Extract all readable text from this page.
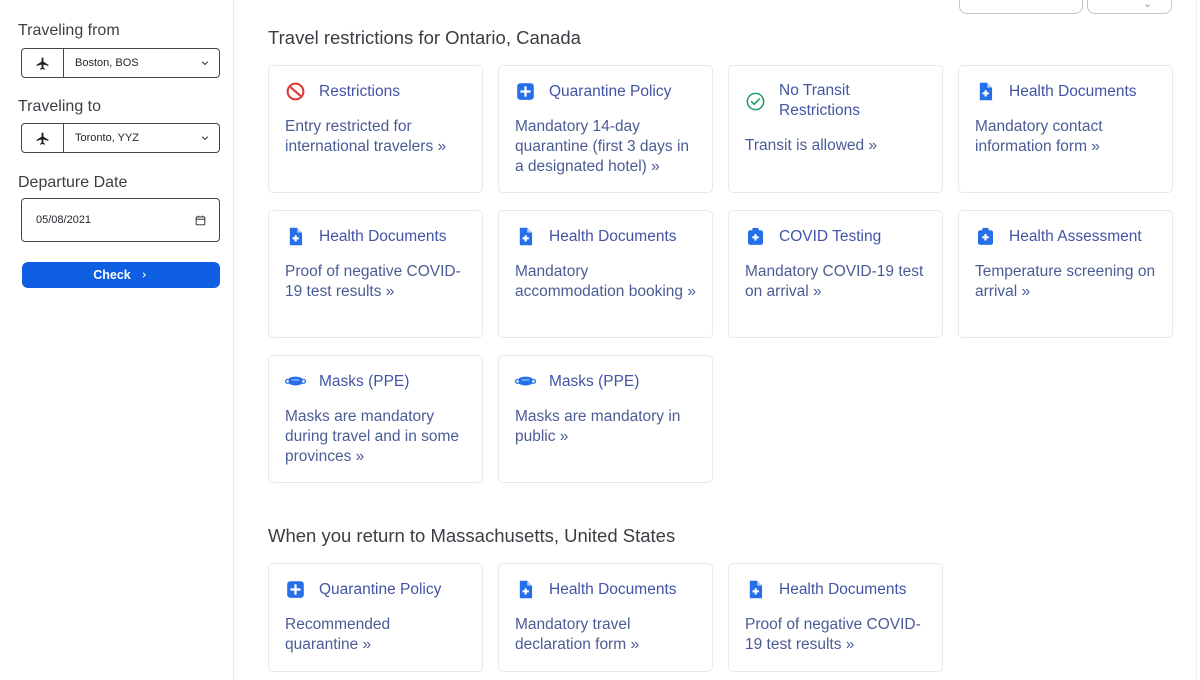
Traveling from
Boston, BOS
Traveling to
Toronto, YYZ
Departure Date
05/08/2021
Check
Travel restrictions for Ontario, Canada
When you return to Massachusetts, United States
Restrictions
Entry restricted for international travelers »
Quarantine Policy
Mandatory 14-day quarantine (first 3 days in a designated hotel) »
No Transit Restrictions
Transit is allowed »
Health Documents
Mandatory contact information form »
Health Documents
Proof of negative COVID-19 test results »
Health Documents
Mandatory accommodation booking »
COVID Testing
Mandatory COVID-19 test on arrival »
Health Assessment
Temperature screening on arrival »
Masks (PPE)
Masks are mandatory during travel and in some provinces »
Masks (PPE)
Masks are mandatory in public »
Quarantine Policy
Recommended quarantine »
Health Documents
Mandatory travel declaration form »
Health Documents
Proof of negative COVID-19 test results »
